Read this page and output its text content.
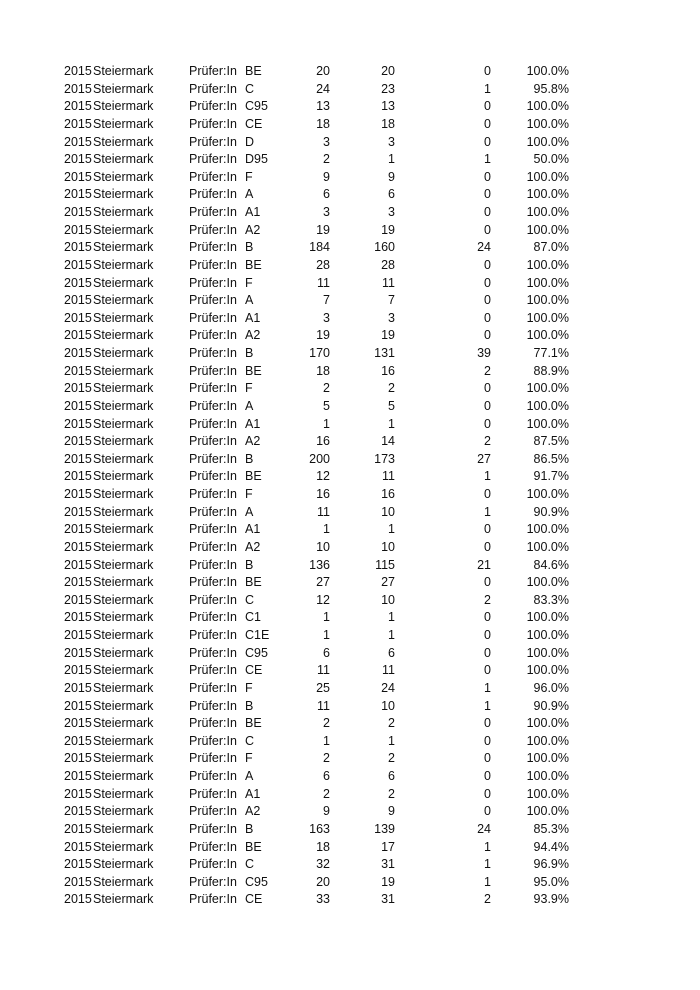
2015 Steiermark	Prüfer:In BE	20	20	0	100.0%
2015 Steiermark	Prüfer:In C	24	23	1	95.8%
2015 Steiermark	Prüfer:In C95	13	13	0	100.0%
2015 Steiermark	Prüfer:In CE	18	18	0	100.0%
2015 Steiermark	Prüfer:In D	3	3	0	100.0%
2015 Steiermark	Prüfer:In D95	2	1	1	50.0%
2015 Steiermark	Prüfer:In F	9	9	0	100.0%
2015 Steiermark	Prüfer:In A	6	6	0	100.0%
2015 Steiermark	Prüfer:In A1	3	3	0	100.0%
2015 Steiermark	Prüfer:In A2	19	19	0	100.0%
2015 Steiermark	Prüfer:In B	184	160	24	87.0%
2015 Steiermark	Prüfer:In BE	28	28	0	100.0%
2015 Steiermark	Prüfer:In F	11	11	0	100.0%
2015 Steiermark	Prüfer:In A	7	7	0	100.0%
2015 Steiermark	Prüfer:In A1	3	3	0	100.0%
2015 Steiermark	Prüfer:In A2	19	19	0	100.0%
2015 Steiermark	Prüfer:In B	170	131	39	77.1%
2015 Steiermark	Prüfer:In BE	18	16	2	88.9%
2015 Steiermark	Prüfer:In F	2	2	0	100.0%
2015 Steiermark	Prüfer:In A	5	5	0	100.0%
2015 Steiermark	Prüfer:In A1	1	1	0	100.0%
2015 Steiermark	Prüfer:In A2	16	14	2	87.5%
2015 Steiermark	Prüfer:In B	200	173	27	86.5%
2015 Steiermark	Prüfer:In BE	12	11	1	91.7%
2015 Steiermark	Prüfer:In F	16	16	0	100.0%
2015 Steiermark	Prüfer:In A	11	10	1	90.9%
2015 Steiermark	Prüfer:In A1	1	1	0	100.0%
2015 Steiermark	Prüfer:In A2	10	10	0	100.0%
2015 Steiermark	Prüfer:In B	136	115	21	84.6%
2015 Steiermark	Prüfer:In BE	27	27	0	100.0%
2015 Steiermark	Prüfer:In C	12	10	2	83.3%
2015 Steiermark	Prüfer:In C1	1	1	0	100.0%
2015 Steiermark	Prüfer:In C1E	1	1	0	100.0%
2015 Steiermark	Prüfer:In C95	6	6	0	100.0%
2015 Steiermark	Prüfer:In CE	11	11	0	100.0%
2015 Steiermark	Prüfer:In F	25	24	1	96.0%
2015 Steiermark	Prüfer:In B	11	10	1	90.9%
2015 Steiermark	Prüfer:In BE	2	2	0	100.0%
2015 Steiermark	Prüfer:In C	1	1	0	100.0%
2015 Steiermark	Prüfer:In F	2	2	0	100.0%
2015 Steiermark	Prüfer:In A	6	6	0	100.0%
2015 Steiermark	Prüfer:In A1	2	2	0	100.0%
2015 Steiermark	Prüfer:In A2	9	9	0	100.0%
2015 Steiermark	Prüfer:In B	163	139	24	85.3%
2015 Steiermark	Prüfer:In BE	18	17	1	94.4%
2015 Steiermark	Prüfer:In C	32	31	1	96.9%
2015 Steiermark	Prüfer:In C95	20	19	1	95.0%
2015 Steiermark	Prüfer:In CE	33	31	2	93.9%
